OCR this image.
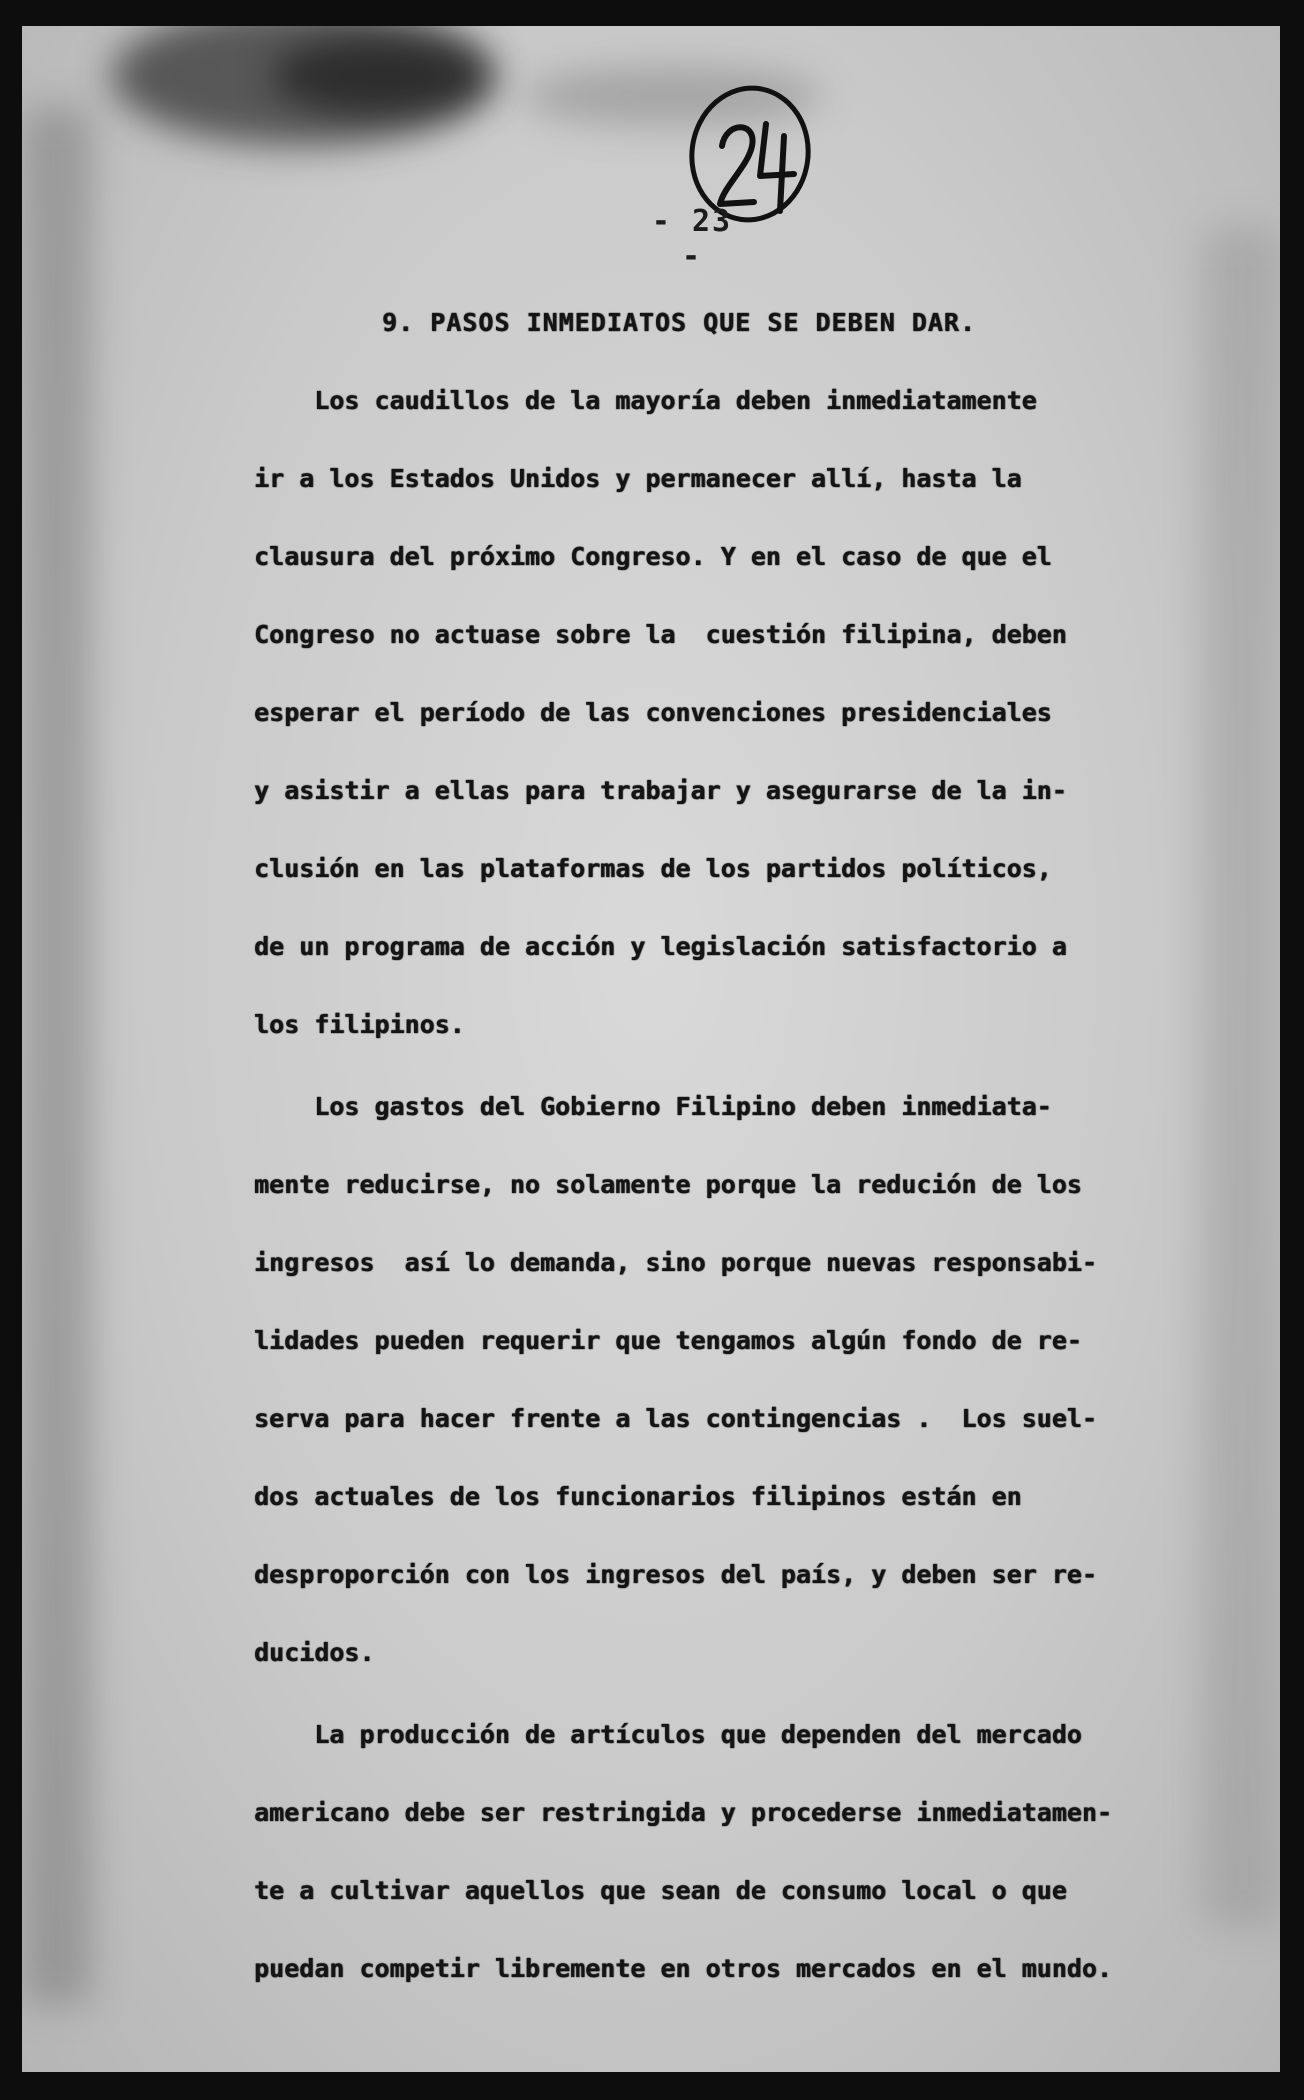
- 23 -
9. PASOS INMEDIATOS QUE SE DEBEN DAR.
Los caudillos de la mayoría deben inmediatamente
ir a los Estados Unidos y permanecer allí, hasta la
clausura del próximo Congreso. Y en el caso de que el
Congreso no actuase sobre la  cuestión filipina, deben
esperar el período de las convenciones presidenciales
y asistir a ellas para trabajar y asegurarse de la in-
clusión en las plataformas de los partidos políticos,
de un programa de acción y legislación satisfactorio a
los filipinos.
Los gastos del Gobierno Filipino deben inmediata-
mente reducirse, no solamente porque la redución de los
ingresos  así lo demanda, sino porque nuevas responsabi-
lidades pueden requerir que tengamos algún fondo de re-
serva para hacer frente a las contingencias .  Los suel-
dos actuales de los funcionarios filipinos están en
desproporción con los ingresos del país, y deben ser re-
ducidos.
La producción de artículos que dependen del mercado
americano debe ser restringida y procederse inmediatamen-
te a cultivar aquellos que sean de consumo local o que
puedan competir libremente en otros mercados en el mundo.
